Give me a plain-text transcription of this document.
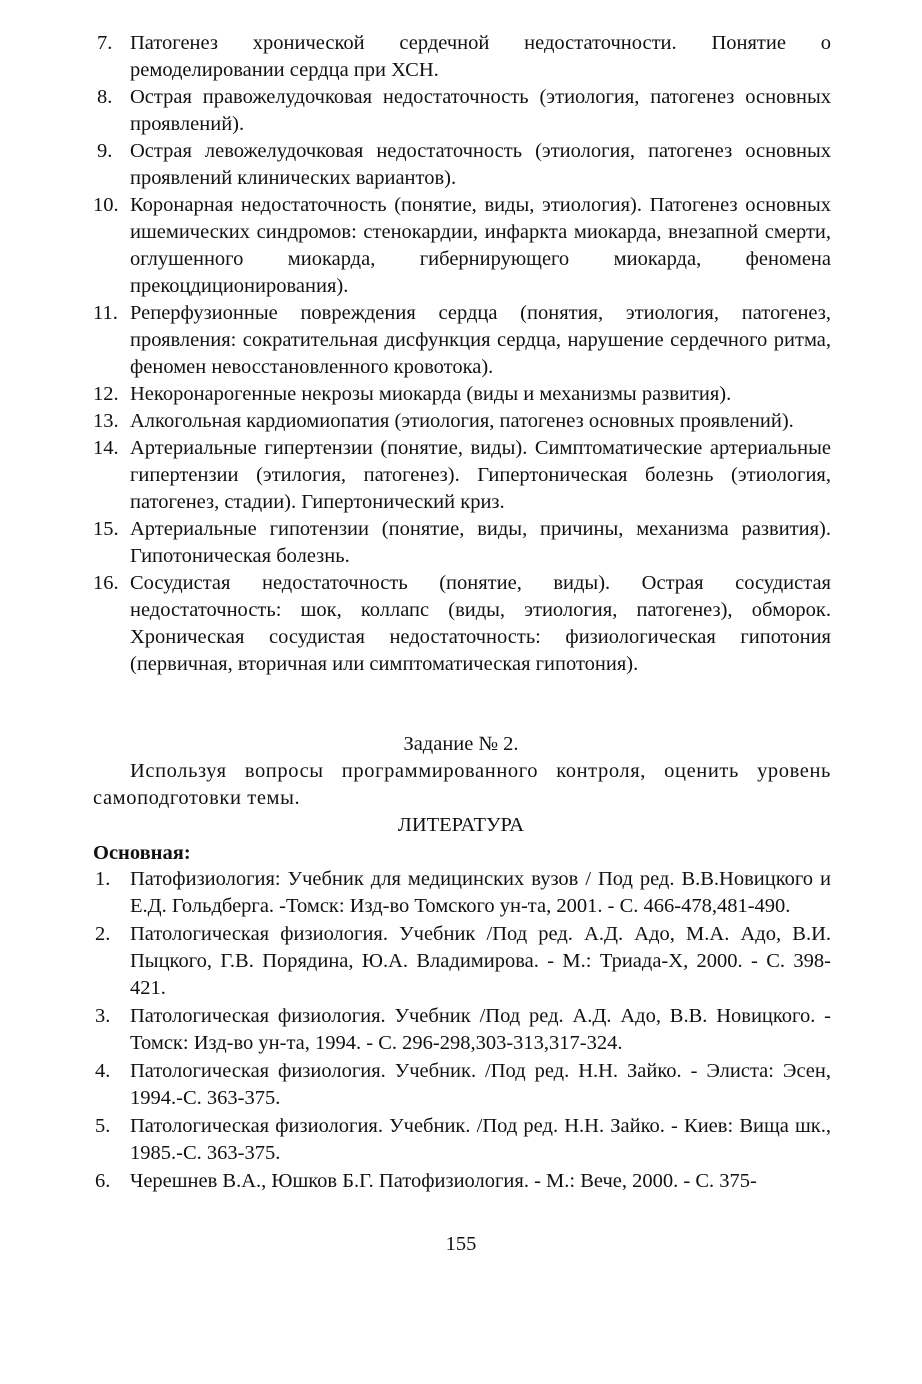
7. Патогенез хронической сердечной недостаточности. Понятие о ремоделировании сердца при ХСН.
8. Острая правожелудочковая недостаточность (этиология, патогенез основных проявлений).
9. Острая левожелудочковая недостаточность (этиология, патогенез основных проявлений клинических вариантов).
10. Коронарная недостаточность (понятие, виды, этиология). Патогенез основных ишемических синдромов: стенокардии, инфаркта миокарда, внезапной смерти, оглушенного миокарда, гибернирующего миокарда, феномена прекоцдиционирования).
11. Реперфузионные повреждения сердца (понятия, этиология, патогенез, проявления: сократительная дисфункция сердца, нарушение сердечного ритма, феномен невосстановленного кровотока).
12. Некоронарогенные некрозы миокарда (виды и механизмы развития).
13. Алкогольная кардиомиопатия (этиология, патогенез основных проявлений).
14. Артериальные гипертензии (понятие, виды). Симптоматические артериальные гипертензии (этилогия, патогенез). Гипертоническая болезнь (этиология, патогенез, стадии). Гипертонический криз.
15. Артериальные гипотензии (понятие, виды, причины, механизма развития). Гипотоническая болезнь.
16. Сосудистая недостаточность (понятие, виды). Острая сосудистая недостаточность: шок, коллапс (виды, этиология, патогенез), обморок. Хроническая сосудистая недостаточность: физиологическая гипотония (первичная, вторичная или симптоматическая гипотония).
Задание № 2.
Используя вопросы программированного контроля, оценить уровень самоподготовки темы.
ЛИТЕРАТУРА
Основная:
1. Патофизиология: Учебник для медицинских вузов / Под ред. В.В.Новицкого и Е.Д. Гольдберга. -Томск: Изд-во Томского ун-та, 2001. - С. 466-478,481-490.
2. Патологическая физиология. Учебник /Под ред. А.Д. Адо, М.А. Адо, В.И. Пыцкого, Г.В. Порядина, Ю.А. Владимирова. - М.: Триада-Х, 2000. - С. 398-421.
3. Патологическая физиология. Учебник /Под ред. А.Д. Адо, В.В. Новицкого. - Томск: Изд-во ун-та, 1994. - С. 296-298,303-313,317-324.
4. Патологическая физиология. Учебник. /Под ред. Н.Н. Зайко. - Элиста: Эсен, 1994.-С. 363-375.
5. Патологическая физиология. Учебник. /Под ред. Н.Н. Зайко. - Киев: Вища шк., 1985.-С. 363-375.
6. Черешнев В.А., Юшков Б.Г. Патофизиология. - М.: Вече, 2000. - С. 375-
155
